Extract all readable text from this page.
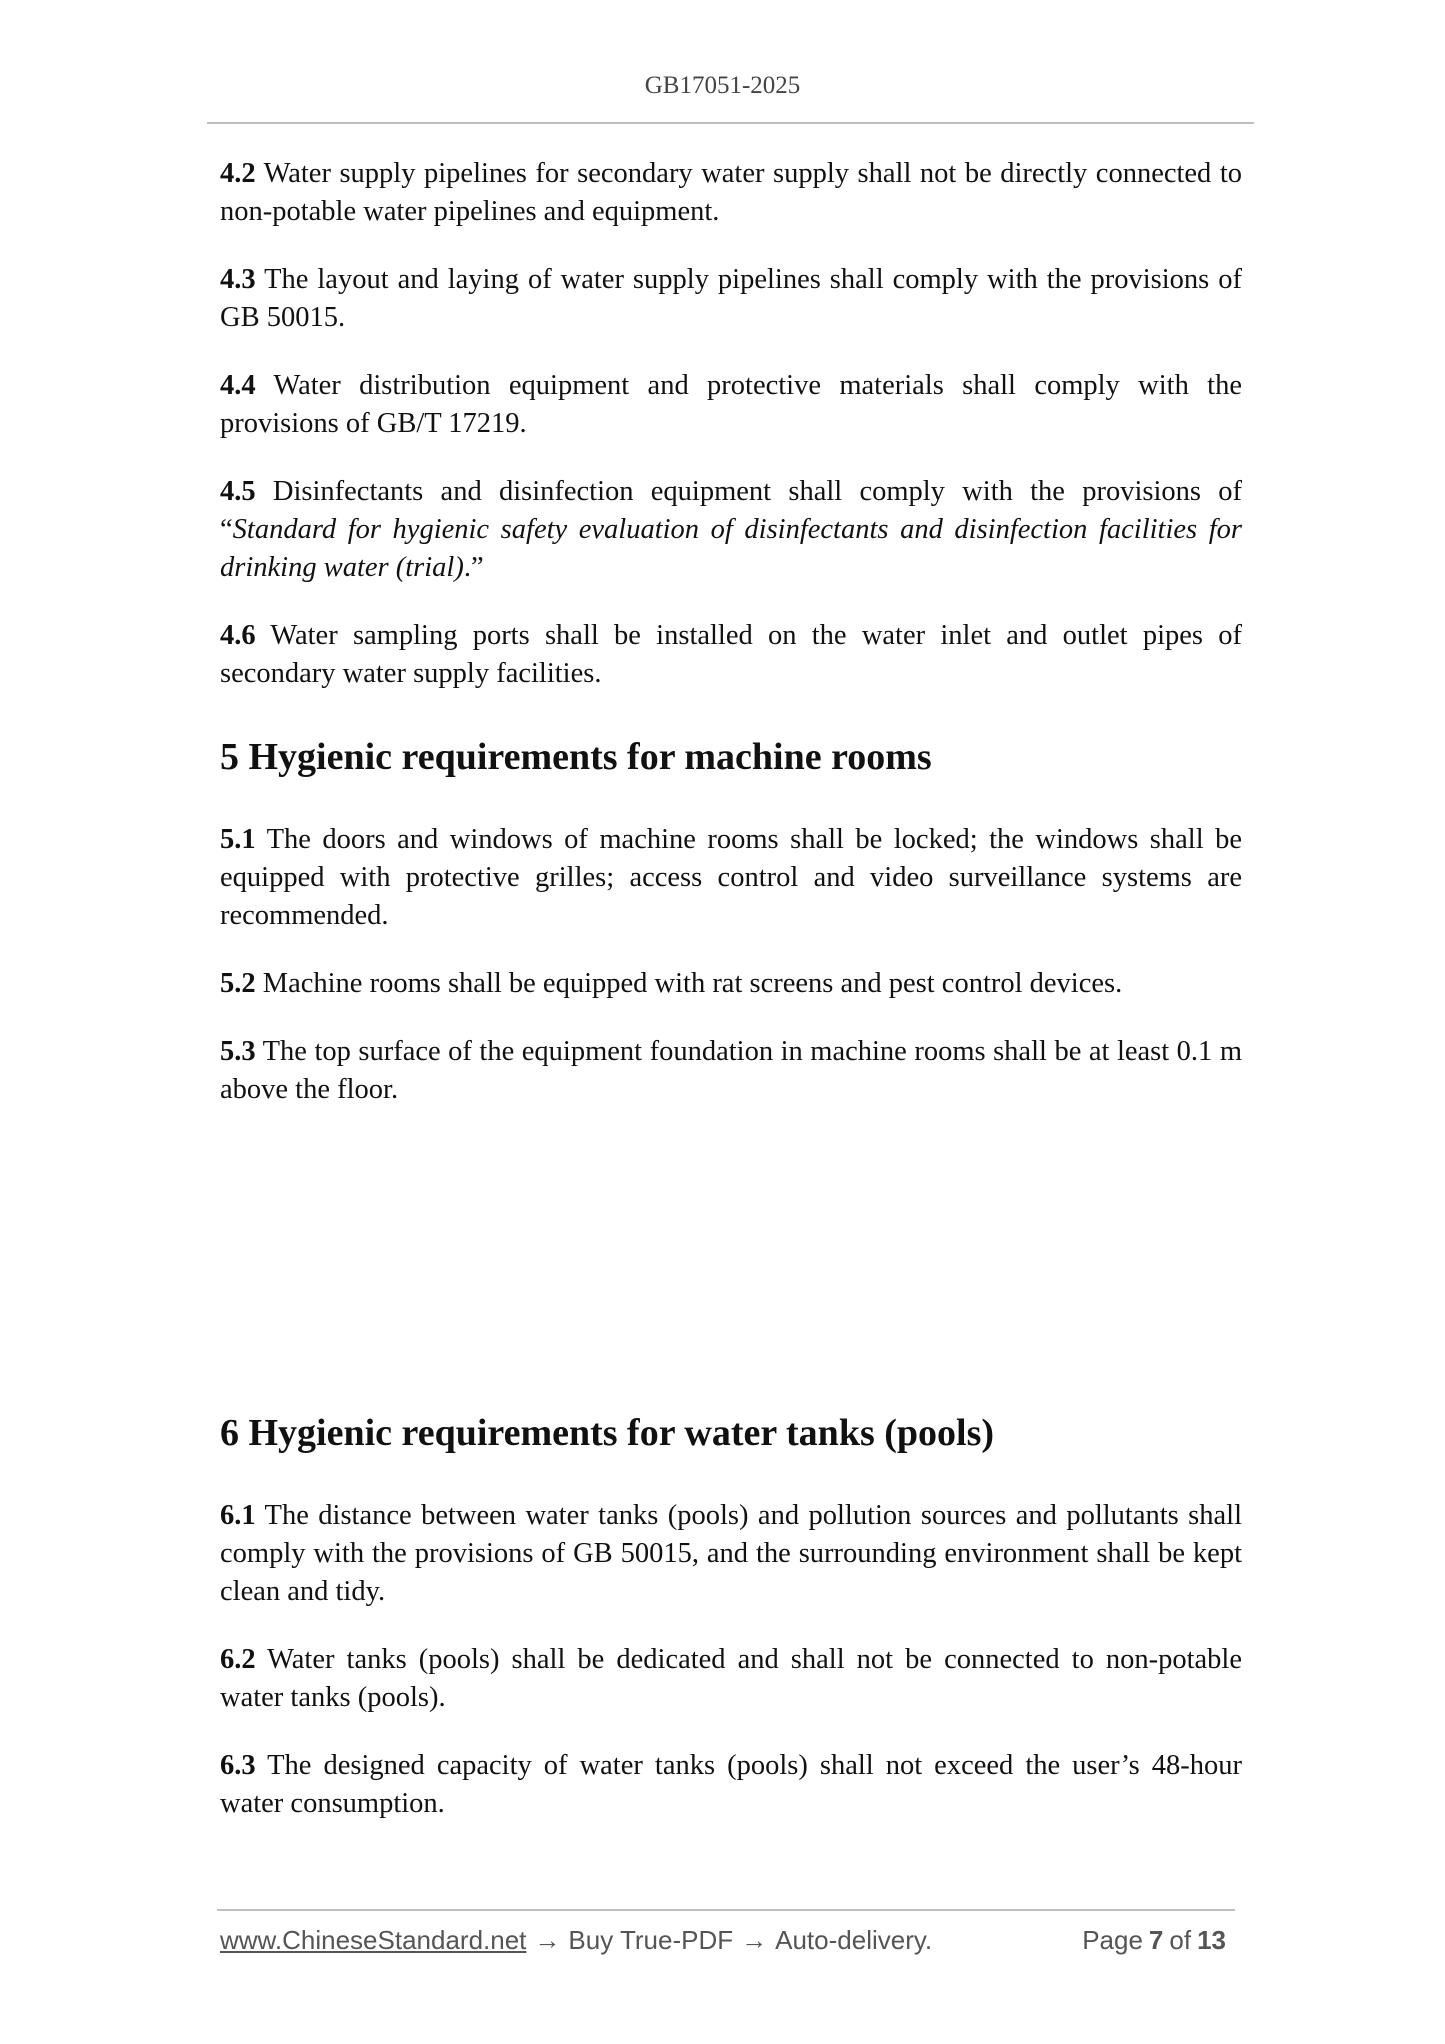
GB17051-2025

4.2 Water supply pipelines for secondary water supply shall not be directly connected to non-potable water pipelines and equipment.

4.3 The layout and laying of water supply pipelines shall comply with the provisions of GB 50015.

4.4 Water distribution equipment and protective materials shall comply with the provisions of GB/T 17219.

4.5 Disinfectants and disinfection equipment shall comply with the provisions of “Standard for hygienic safety evaluation of disinfectants and disinfection facilities for drinking water (trial).”

4.6 Water sampling ports shall be installed on the water inlet and outlet pipes of secondary water supply facilities.

5 Hygienic requirements for machine rooms

5.1 The doors and windows of machine rooms shall be locked; the windows shall be equipped with protective grilles; access control and video surveillance systems are recommended.

5.2 Machine rooms shall be equipped with rat screens and pest control devices.

5.3 The top surface of the equipment foundation in machine rooms shall be at least 0.1 m above the floor.

6 Hygienic requirements for water tanks (pools)

6.1 The distance between water tanks (pools) and pollution sources and pollutants shall comply with the provisions of GB 50015, and the surrounding environment shall be kept clean and tidy.

6.2 Water tanks (pools) shall be dedicated and shall not be connected to non-potable water tanks (pools).

6.3 The designed capacity of water tanks (pools) shall not exceed the user’s 48-hour water consumption.

www.ChineseStandard.net → Buy True-PDF → Auto-delivery.	Page 7 of 13
